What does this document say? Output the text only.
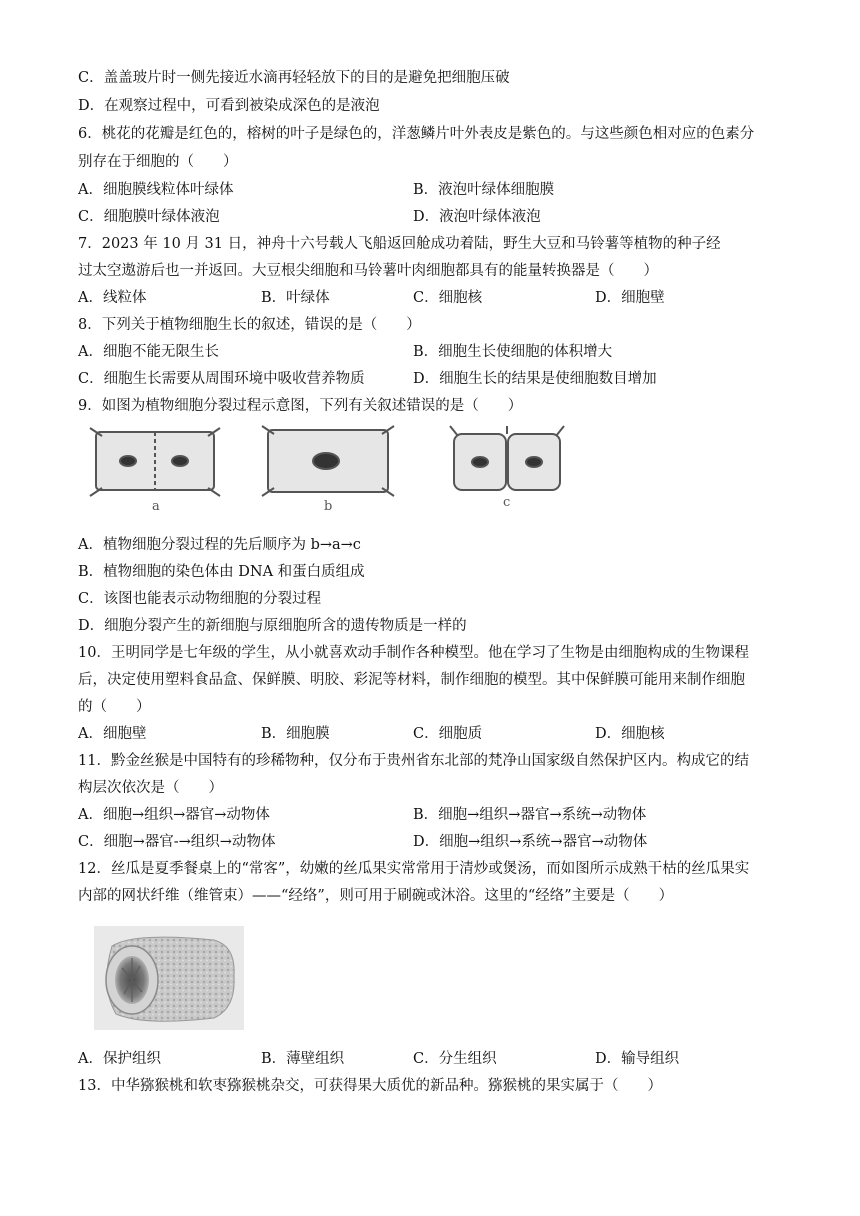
C．盖盖玻片时一侧先接近水滴再轻轻放下的目的是避免把细胞压破
D．在观察过程中，可看到被染成深色的是液泡
6．桃花的花瓣是红色的，榕树的叶子是绿色的，洋葱鳞片叶外表皮是紫色的。与这些颜色相对应的色素分
别存在于细胞的（　　）
A．细胞膜线粒体叶绿体	B．液泡叶绿体细胞膜
C．细胞膜叶绿体液泡	D．液泡叶绿体液泡
7．2023 年 10 月 31 日，神舟十六号载人飞船返回舱成功着陆，野生大豆和马铃薯等植物的种子经
过太空遨游后也一并返回。大豆根尖细胞和马铃薯叶肉细胞都具有的能量转换器是（　　）
A．线粒体	B．叶绿体	C．细胞核	D．细胞壁
8．下列关于植物细胞生长的叙述，错误的是（　　）
A．细胞不能无限生长	B．细胞生长使细胞的体积增大
C．细胞生长需要从周围环境中吸收营养物质	D．细胞生长的结果是使细胞数目增加
9．如图为植物细胞分裂过程示意图，下列有关叙述错误的是（　　）
a	b	c
A．植物细胞分裂过程的先后顺序为 b→a→c
B．植物细胞的染色体由 DNA 和蛋白质组成
C．该图也能表示动物细胞的分裂过程
D．细胞分裂产生的新细胞与原细胞所含的遗传物质是一样的
10．王明同学是七年级的学生，从小就喜欢动手制作各种模型。他在学习了生物是由细胞构成的生物课程
后，决定使用塑料食品盒、保鲜膜、明胶、彩泥等材料，制作细胞的模型。其中保鲜膜可能用来制作细胞
的（　　）
A．细胞壁	B．细胞膜	C．细胞质	D．细胞核
11．黔金丝猴是中国特有的珍稀物种，仅分布于贵州省东北部的梵净山国家级自然保护区内。构成它的结
构层次依次是（　　）
A．细胞→组织→器官→动物体	B．细胞→组织→器官→系统→动物体
C．细胞→器官-→组织→动物体	D．细胞→组织→系统→器官→动物体
12．丝瓜是夏季餐桌上的“常客”，幼嫩的丝瓜果实常常用于清炒或煲汤，而如图所示成熟干枯的丝瓜果实
内部的网状纤维（维管束）——“经络”，则可用于刷碗或沐浴。这里的“经络”主要是（　　）
A．保护组织	B．薄壁组织	C．分生组织	D．输导组织
13．中华猕猴桃和软枣猕猴桃杂交，可获得果大质优的新品种。猕猴桃的果实属于（　　）
